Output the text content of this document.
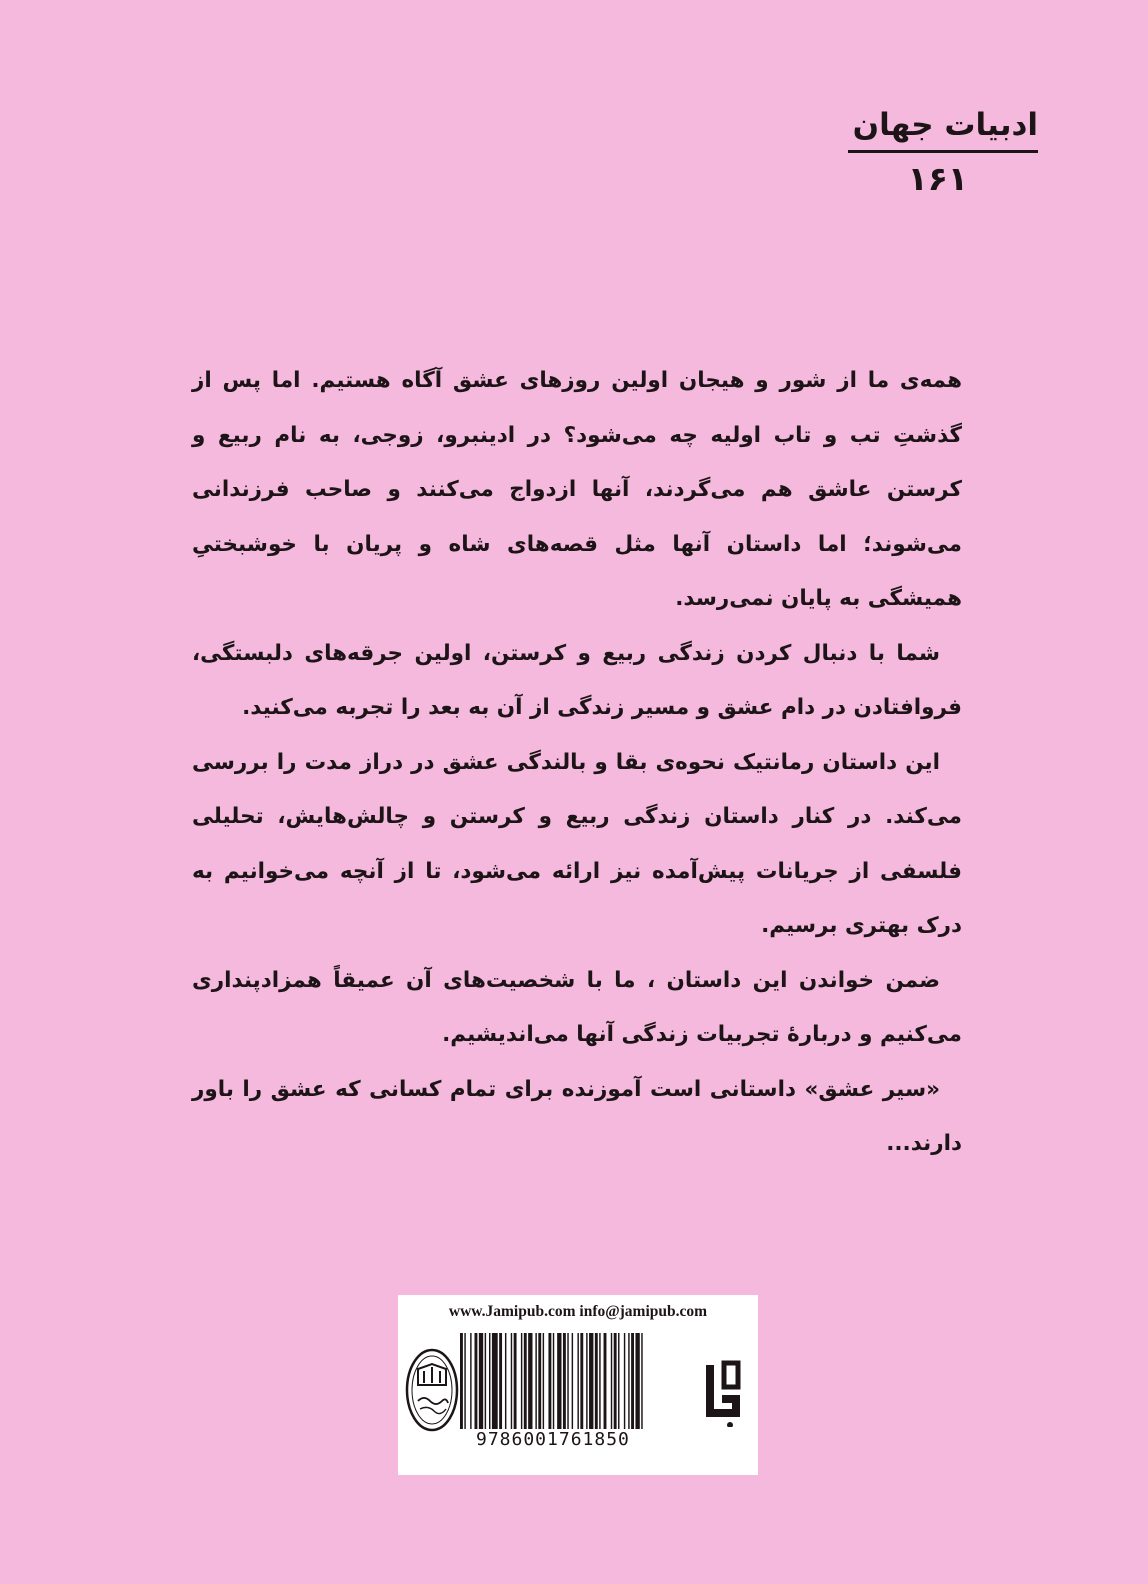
ادبیات جهان
۱۶۱

همه‌ی ما از شور و هیجان اولین روزهای عشق آگاه هستیم. اما پس از گذشتِ تب و تاب اولیه چه می‌شود؟ در ادینبرو، زوجی، به نام ربیع و کرستن عاشق هم می‌گردند، آنها ازدواج می‌کنند و صاحب فرزندانی می‌شوند؛ اما داستان آنها مثل قصه‌های شاه و پریان با خوشبختیِ همیشگی به پایان نمی‌رسد.

شما با دنبال کردن زندگی ربیع و کرستن، اولین جرقه‌های دلبستگی، فروافتادن در دام عشق و مسیر زندگی از آن به بعد را تجربه می‌کنید.

این داستان رمانتیک نحوه‌ی بقا و بالندگی عشق در دراز مدت را بررسی می‌کند. در کنار داستان زندگی ربیع و کرستن و چالش‌هایش، تحلیلی فلسفی از جریانات پیش‌آمده نیز ارائه می‌شود، تا از آنچه می‌خوانیم به درک بهتری برسیم.

ضمن خواندن این داستان ، ما با شخصیت‌های آن عمیقاً همزادپنداری می‌کنیم و دربارهٔ تجربیات زندگی آنها می‌اندیشیم.

«سیر عشق» داستانی است آموزنده برای تمام کسانی که عشق را باور دارند...

www.Jamipub.com info@jamipub.com
9786001761850
